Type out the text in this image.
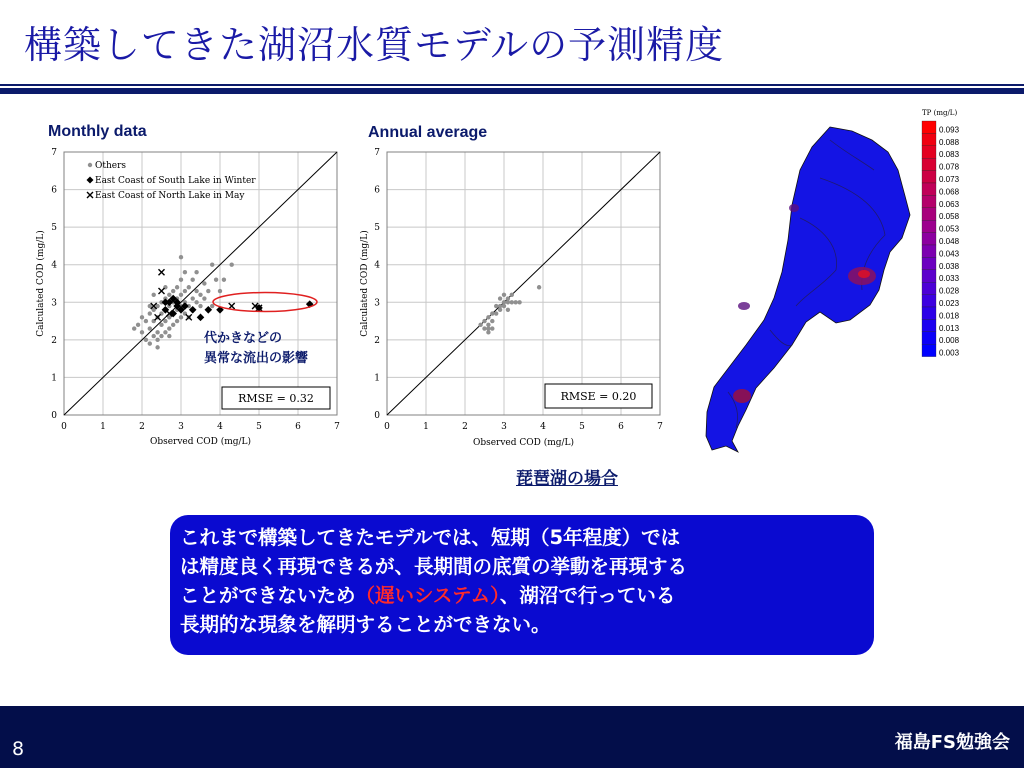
構築してきた湖沼水質モデルの予測精度
0
0
1
1
2
2
3
3
4
4
5
5
6
6
7
7
Monthly data
Observed COD (mg/L)
Calculated COD (mg/L)
RMSE = 0.32
Others
East Coast of South Lake in Winter
East Coast of North Lake in May
代かきなどの
異常な流出の影響
0
0
1
1
2
2
3
3
4
4
5
5
6
6
7
7
Annual average
Observed COD (mg/L)
Calculated COD (mg/L)
RMSE = 0.20
TP (mg/L)
0.093
0.088
0.083
0.078
0.073
0.068
0.063
0.058
0.053
0.048
0.043
0.038
0.033
0.028
0.023
0.018
0.013
0.008
0.003
琵琶湖の場合
これまで構築してきたモデルでは、短期（5年程度）では
は精度良く再現できるが、長期間の底質の挙動を再現する
ことができないため（遅いシステム）、湖沼で行っている
長期的な現象を解明することができない。
8	福島FS勉強会
